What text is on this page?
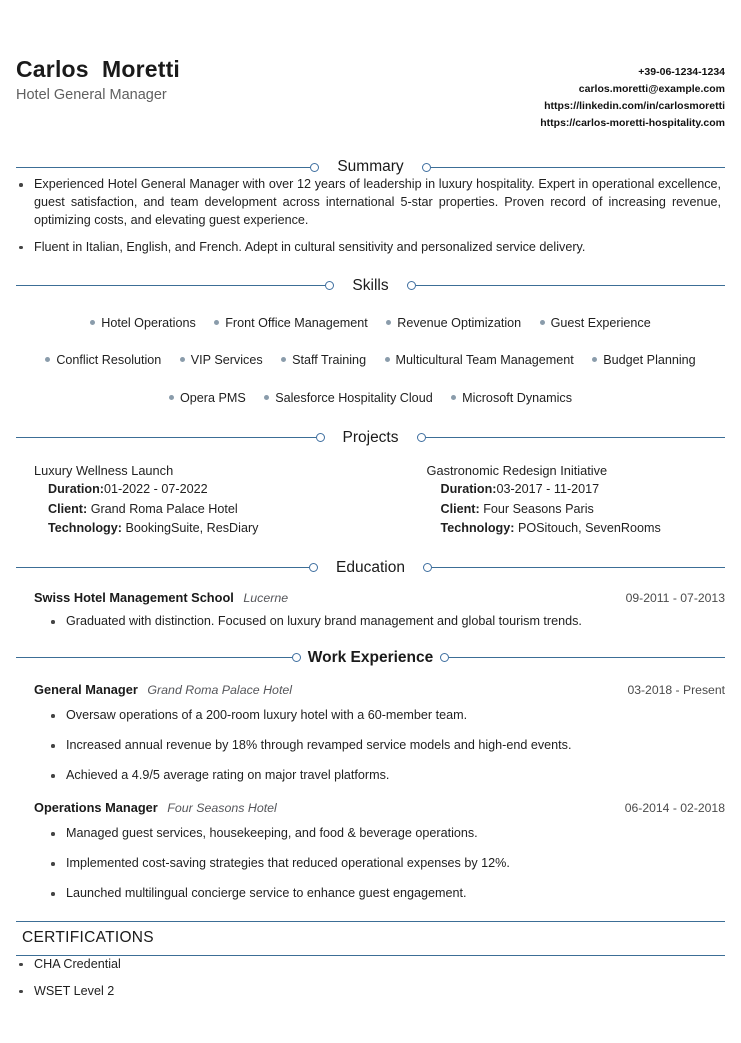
Carlos  Moretti
Hotel General Manager
+39-06-1234-1234
carlos.moretti@example.com
https://linkedin.com/in/carlosmoretti
https://carlos-moretti-hospitality.com
Summary
Experienced Hotel General Manager with over 12 years of leadership in luxury hospitality. Expert in operational excellence, guest satisfaction, and team development across international 5-star properties. Proven record of increasing revenue, optimizing costs, and elevating guest experience.
Fluent in Italian, English, and French. Adept in cultural sensitivity and personalized service delivery.
Skills
Hotel Operations Front Office Management Revenue Optimization Guest Experience
Conflict Resolution VIP Services Staff Training Multicultural Team Management Budget Planning
Opera PMS Salesforce Hospitality Cloud Microsoft Dynamics
Projects
Luxury Wellness Launch
Duration:01-2022 - 07-2022
Client: Grand Roma Palace Hotel
Technology: BookingSuite, ResDiary
Gastronomic Redesign Initiative
Duration:03-2017 - 11-2017
Client: Four Seasons Paris
Technology: POSitouch, SevenRooms
Education
Swiss Hotel Management School Lucerne	09-2011 - 07-2013
Graduated with distinction. Focused on luxury brand management and global tourism trends.
Work Experience
General Manager Grand Roma Palace Hotel	03-2018 - Present
Oversaw operations of a 200-room luxury hotel with a 60-member team.
Increased annual revenue by 18% through revamped service models and high-end events.
Achieved a 4.9/5 average rating on major travel platforms.
Operations Manager Four Seasons Hotel	06-2014 - 02-2018
Managed guest services, housekeeping, and food & beverage operations.
Implemented cost-saving strategies that reduced operational expenses by 12%.
Launched multilingual concierge service to enhance guest engagement.
CERTIFICATIONS
CHA Credential
WSET Level 2
